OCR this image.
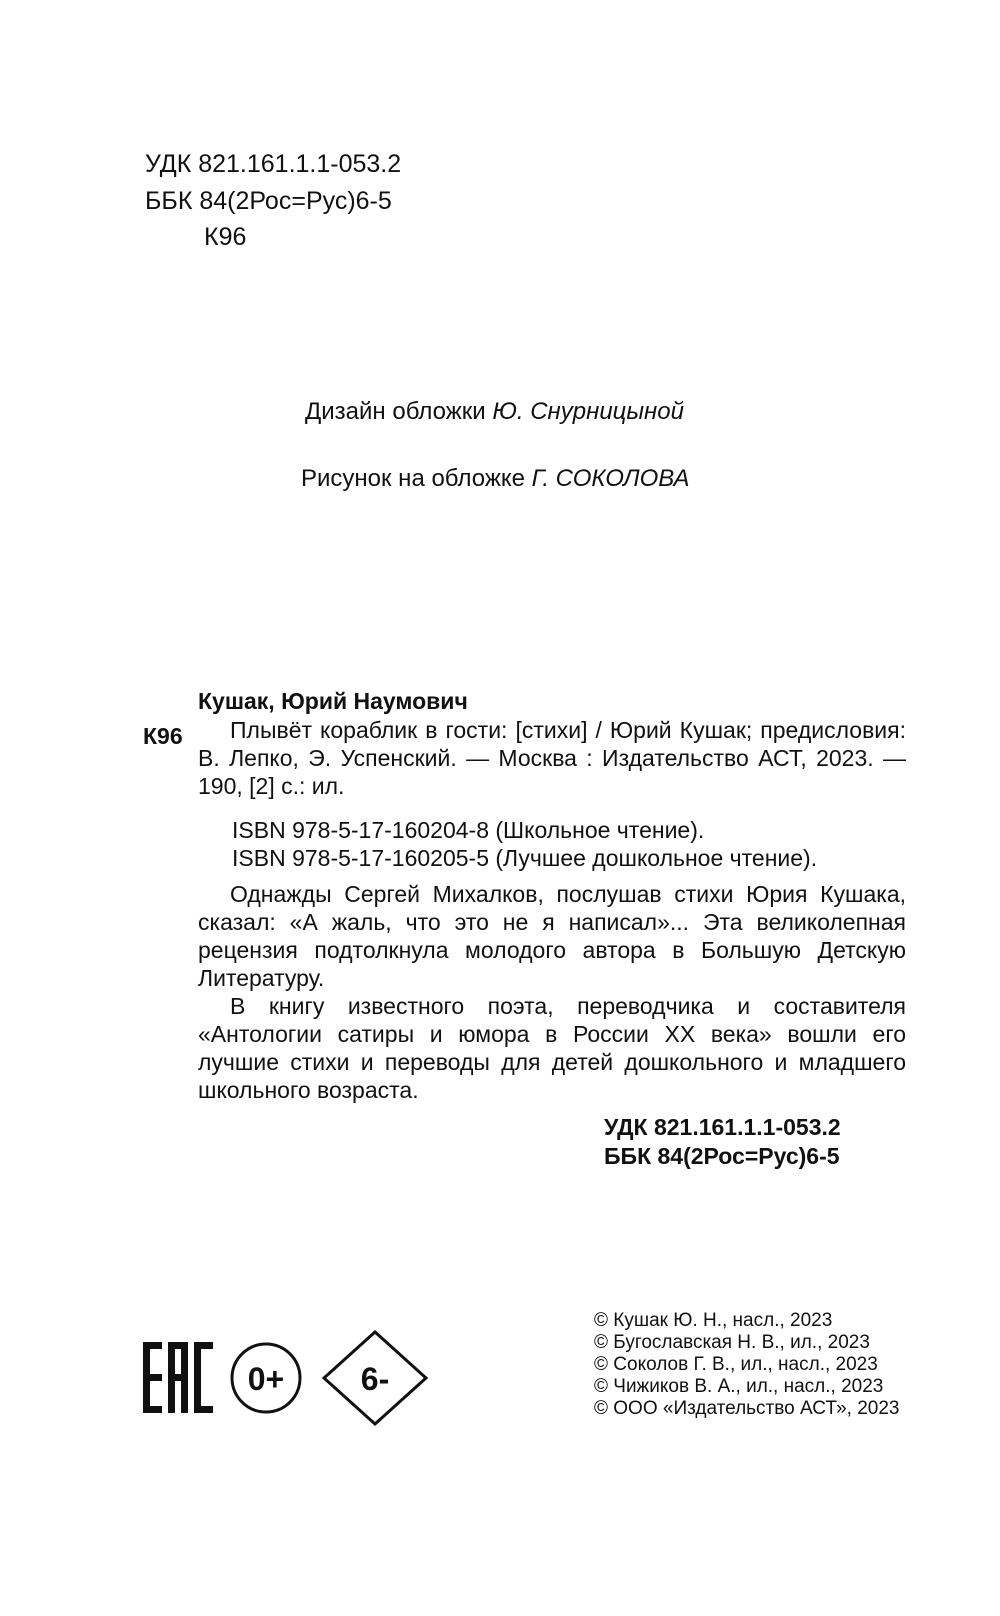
УДК 821.161.1.1-053.2
ББК 84(2Рос=Рус)6-5
К96
Дизайн обложки Ю. Снурницыной
Рисунок на обложке Г. СОКОЛОВА
Кушак, Юрий Наумович
К96	Плывёт кораблик в гости: [стихи] / Юрий Кушак; предисловия: В. Лепко, Э. Успенский. — Москва : Издательство АСТ, 2023. — 190, [2] с.: ил.

ISBN 978-5-17-160204-8 (Школьное чтение).
ISBN 978-5-17-160205-5 (Лучшее дошкольное чтение).

Однажды Сергей Михалков, послушав стихи Юрия Кушака, сказал: «А жаль, что это не я написал»... Эта великолепная рецензия подтолкнула молодого автора в Большую Детскую Литературу.

В книгу известного поэта, переводчика и составителя «Антологии сатиры и юмора в России XX века» вошли его лучшие стихи и переводы для детей дошкольного и младшего школьного возраста.

УДК 821.161.1.1-053.2
ББК 84(2Рос=Рус)6-5
0+ 6-
EAC	© Кушак Ю. Н., насл., 2023
© Бугославская Н. В., ил., 2023
© Соколов Г. В., ил., насл., 2023
© Чижиков В. А., ил., насл., 2023
© ООО «Издательство АСТ», 2023
